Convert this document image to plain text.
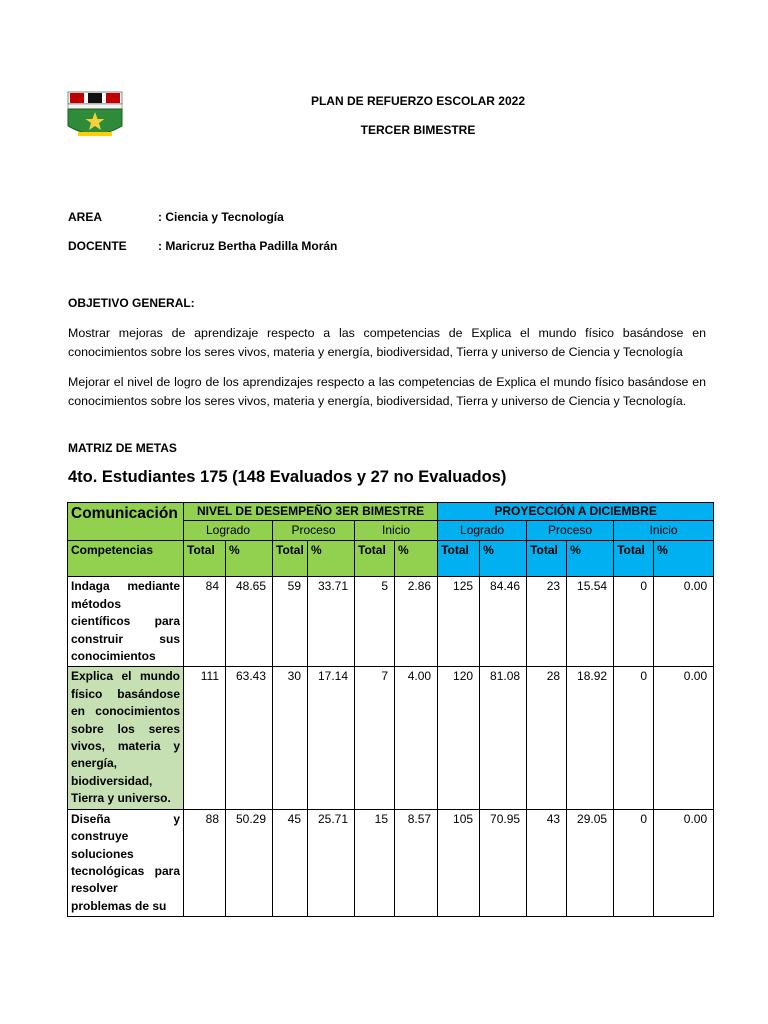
PLAN DE REFUERZO ESCOLAR 2022
TERCER BIMESTRE
AREA	: Ciencia y Tecnología
DOCENTE	: Maricruz Bertha Padilla Morán
OBJETIVO GENERAL:
Mostrar mejoras de aprendizaje respecto a las competencias de Explica el mundo físico basándose en conocimientos sobre los seres vivos, materia y energía, biodiversidad, Tierra y universo de Ciencia y Tecnología
Mejorar el nivel de logro de los aprendizajes respecto a las competencias de Explica el mundo físico basándose en conocimientos sobre los seres vivos, materia y energía, biodiversidad, Tierra y universo de Ciencia y Tecnología.
MATRIZ DE METAS
4to. Estudiantes 175 (148 Evaluados y 27 no Evaluados)
Comunicación	NIVEL DE DESEMPEÑO 3ER BIMESTRE						PROYECCIÓN A DICIEMBRE					
	Logrado		Proceso		Inicio		Logrado		Proceso		Inicio	
Competencias	Total	%	Total	%	Total	%	Total	%	Total	%	Total	%
Indaga mediante métodos científicos para construir sus conocimientos	84	48.65	59	33.71	5	2.86	125	84.46	23	15.54	0	0.00
Explica el mundo físico basándose en conocimientos sobre los seres vivos, materia y energía, biodiversidad, Tierra y universo.	111	63.43	30	17.14	7	4.00	120	81.08	28	18.92	0	0.00
Diseña y construye soluciones tecnológicas para resolver problemas de su	88	50.29	45	25.71	15	8.57	105	70.95	43	29.05	0	0.00
